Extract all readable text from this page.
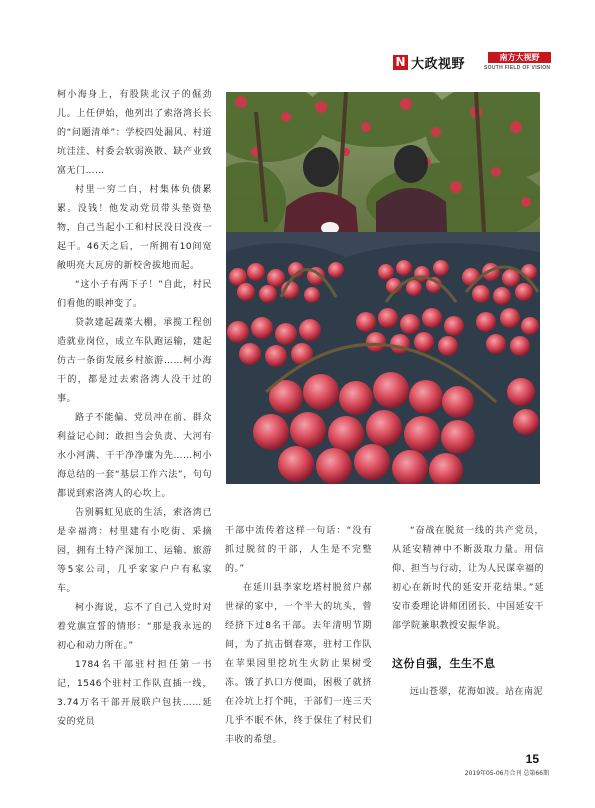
N 大政视野	南方大视野
SOUTH FIELD OF VISION

柯小海身上，有股陕北汉子的倔劲儿。上任伊始，他列出了索洛湾长长的“问题清单”：学校四处漏风、村道坑洼洼、村委会软弱涣散、缺产业致富无门……

村里一穷二白，村集体负债累累。没钱！他发动党员带头垫资垫物，自己当起小工和村民没日没夜一起干。46天之后，一所拥有10间宽敞明亮大瓦房的新校舍拔地而起。

“这小子有两下子！”自此，村民们看他的眼神变了。

贷款建起蔬菜大棚，承揽工程创造就业岗位，成立车队跑运输，建起仿古一条街发展乡村旅游……柯小海干的，都是过去索洛湾人没干过的事。

路子不能偏、党员冲在前、群众利益记心间；敢担当会负责、大河有水小河满、干干净净廉为先……柯小海总结的一套“基层工作六法”，句句都说到索洛湾人的心坎上。

告别羁虹见底的生活，索洛湾已是幸福湾：村里建有小吃街、采摘园，拥有土特产深加工、运输、旅游等5家公司，几乎家家户户有私家车。

柯小海说，忘不了自己入党时对着党旗宣誓的情形：“那是我永远的初心和动力所在。”

1784名干部驻村担任第一书记，1546个驻村工作队直插一线，3.74万名干部开展联户包扶……延安的党员

干部中流传着这样一句话：“没有抓过脱贫的干部，人生是不完整的。”

在延川县李家圪塔村脱贫户郝世禄的家中，一个半大的坑头，曾经挤下过8名干部。去年清明节期间，为了抗击倒春寒，驻村工作队在苹果园里挖坑生火防止果树受冻。饿了扒口方便面，困极了就挤在冷坑上打个盹，干部们一连三天几乎不眠不休，终于保住了村民们丰收的希望。

“奋战在脱贫一线的共产党员，从延安精神中不断汲取力量。用信仰、担当与行动，让为人民谋幸福的初心在新时代的延安开花结果。”延安市委理论讲师团团长、中国延安干部学院兼职教授安振华说。

这份自强，生生不息

远山苍翠，花海如波。站在南泥

15
2019年05-06月合刊 总第66期
